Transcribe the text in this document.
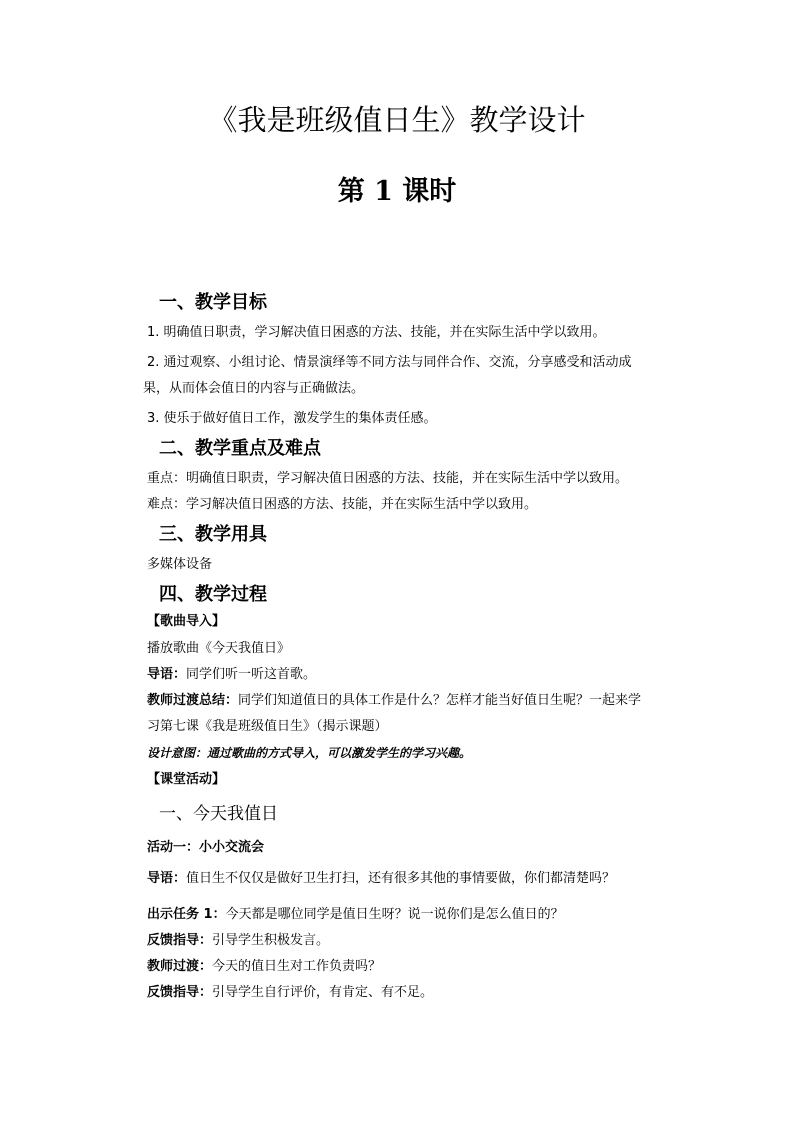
《我是班级值日生》教学设计
第 1 课时

一、教学目标

1. 明确值日职责，学习解决值日困惑的方法、技能，并在实际生活中学以致用。

2. 通过观察、小组讨论、情景演绎等不同方法与同伴合作、交流，分享感受和活动成

果，从而体会值日的内容与正确做法。

3. 使乐于做好值日工作，激发学生的集体责任感。

二、教学重点及难点

重点：明确值日职责，学习解决值日困惑的方法、技能，并在实际生活中学以致用。

难点：学习解决值日困惑的方法、技能，并在实际生活中学以致用。

三、教学用具

多媒体设备

四、教学过程

【歌曲导入】

播放歌曲《今天我值日》

导语：同学们听一听这首歌。

教师过渡总结：同学们知道值日的具体工作是什么？怎样才能当好值日生呢？一起来学

习第七课《我是班级值日生》（揭示课题）

设计意图：通过歌曲的方式导入，可以激发学生的学习兴趣。

【课堂活动】

一、今天我值日

活动一：小小交流会

导语：值日生不仅仅是做好卫生打扫，还有很多其他的事情要做，你们都清楚吗？

出示任务 1：今天都是哪位同学是值日生呀？说一说你们是怎么值日的？

反馈指导：引导学生积极发言。

教师过渡：今天的值日生对工作负责吗？

反馈指导：引导学生自行评价，有肯定、有不足。
